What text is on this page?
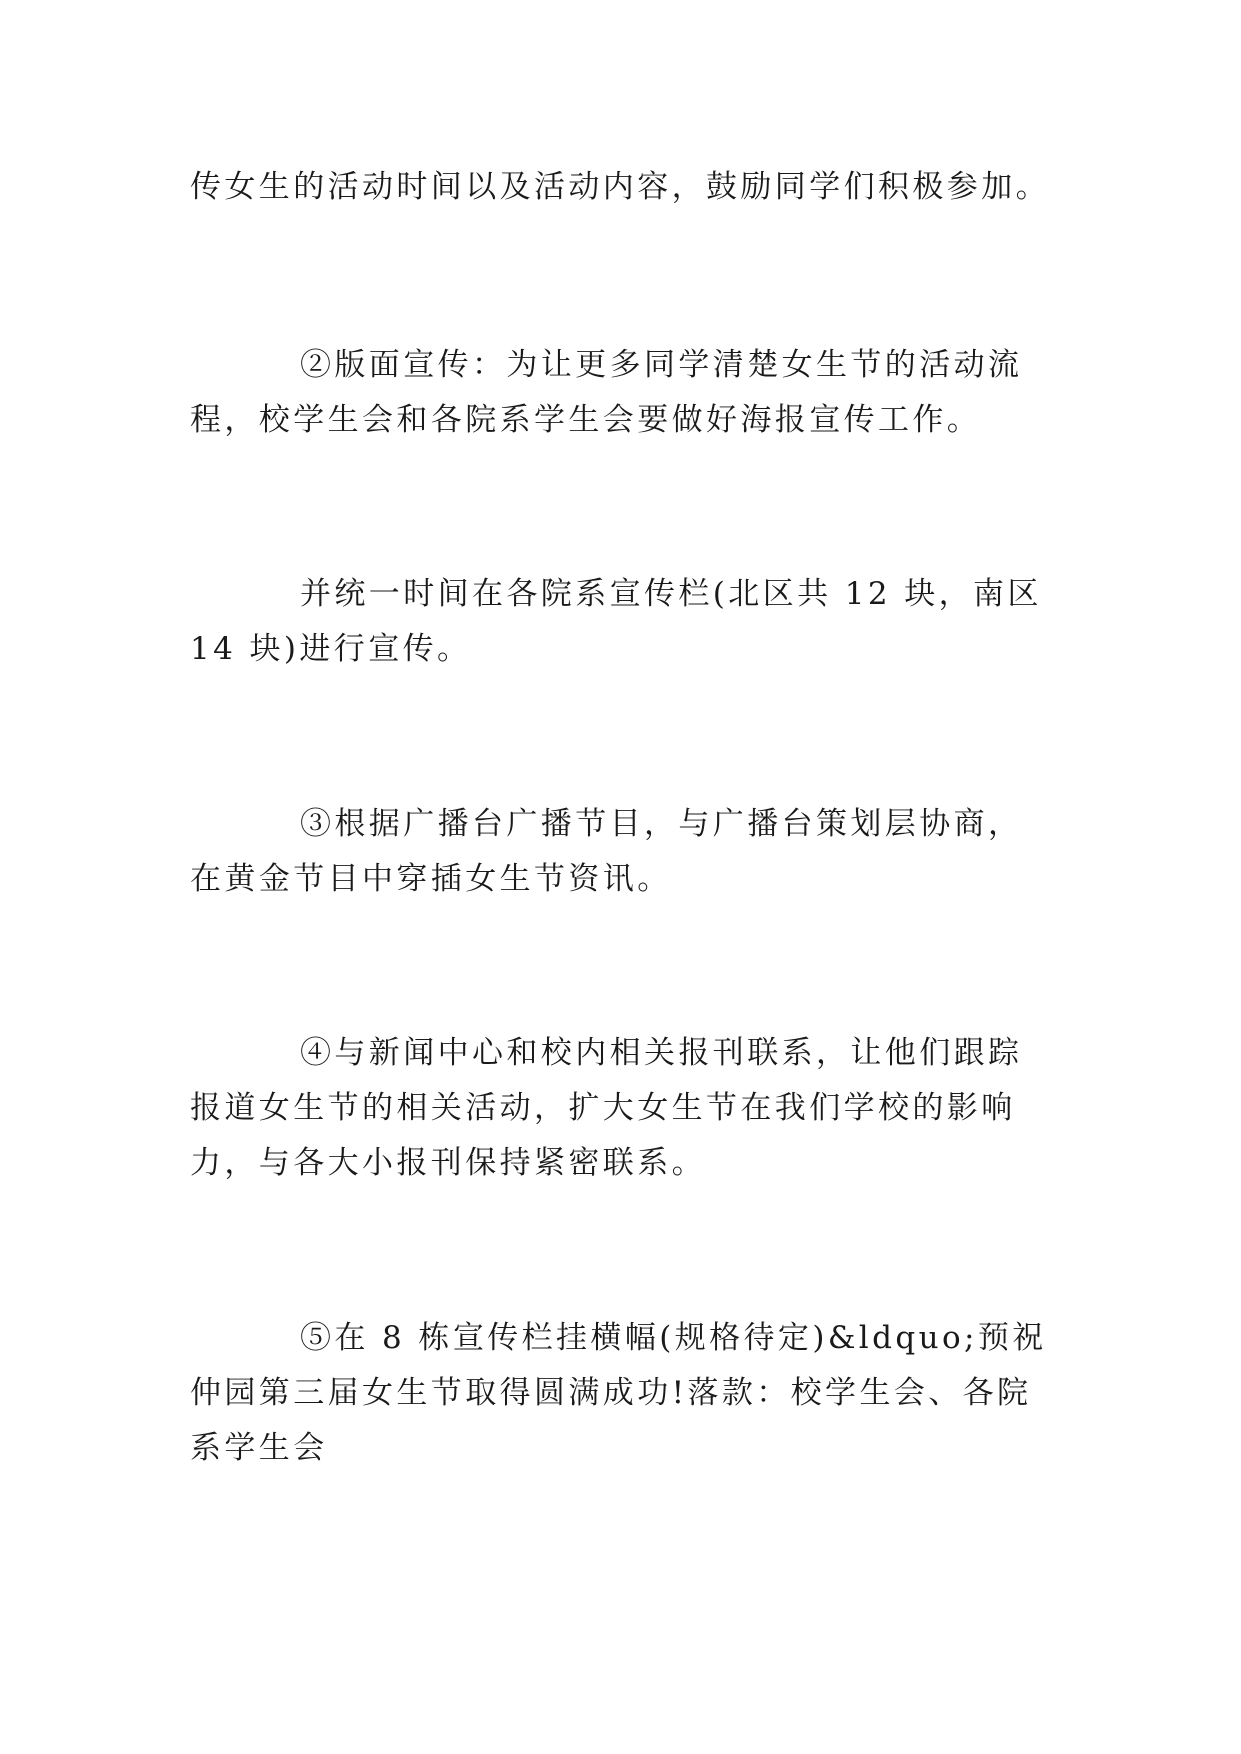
传女生的活动时间以及活动内容，鼓励同学们积极参加。

②版面宣传：为让更多同学清楚女生节的活动流程，校学生会和各院系学生会要做好海报宣传工作。

并统一时间在各院系宣传栏(北区共 12 块，南区 14 块)进行宣传。

③根据广播台广播节目，与广播台策划层协商，在黄金节目中穿插女生节资讯。

④与新闻中心和校内相关报刊联系，让他们跟踪报道女生节的相关活动，扩大女生节在我们学校的影响力，与各大小报刊保持紧密联系。

⑤在 8 栋宣传栏挂横幅(规格待定)&ldquo;预祝仲园第三届女生节取得圆满成功!落款：校学生会、各院系学生会
